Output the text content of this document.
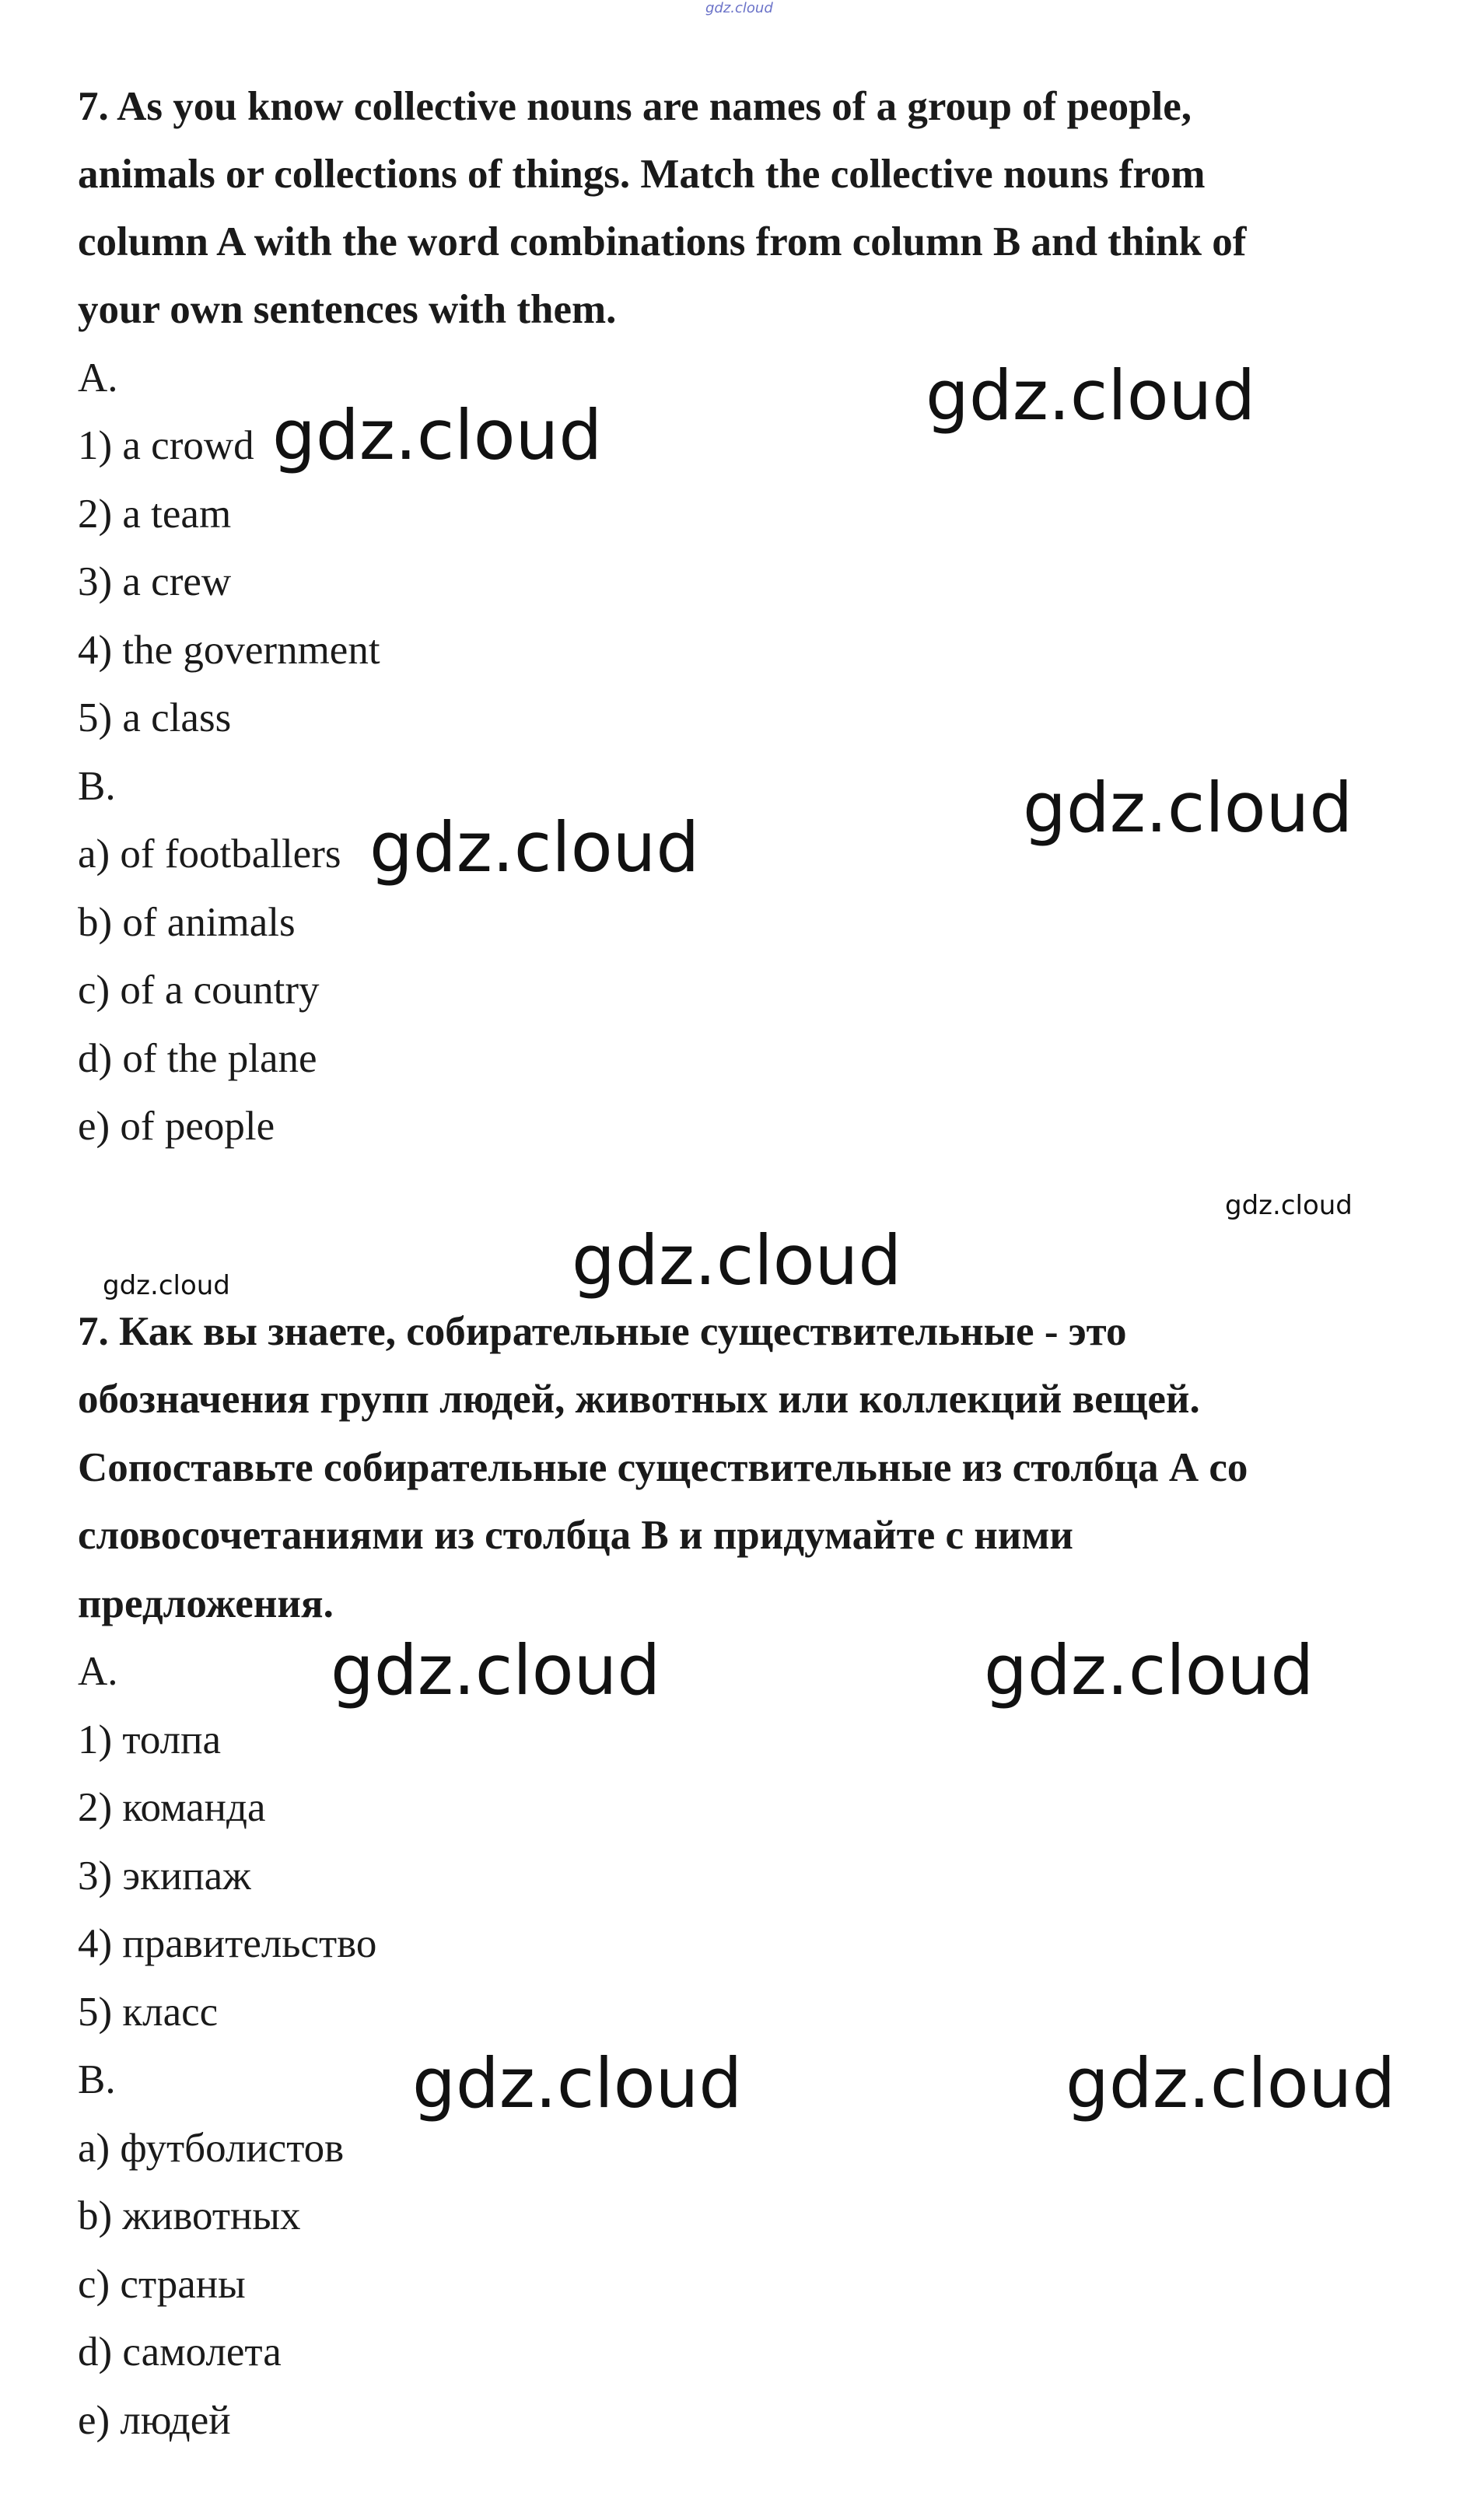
gdz.cloud
7. As you know collective nouns are names of a group of people,
animals or collections of things. Match the collective nouns from
column A with the word combinations from column B and think of
your own sentences with them.
A.
1) a crowd
2) a team
3) a crew
4) the government
5) a class
B.
a) of footballers
b) of animals
c) of a country
d) of the plane
e) of people
gdz.cloud
gdz.cloud
gdz.cloud
gdz.cloud
gdz.cloud
gdz.cloud
gdz.cloud
7. Как вы знаете, собирательные существительные - это
обозначения групп людей, животных или коллекций вещей.
Сопоставьте собирательные существительные из столбца А со
словосочетаниями из столбца В и придумайте с ними
предложения.
А.
1) толпа
2) команда
3) экипаж
4) правительство
5) класс
В.
a) футболистов
b) животных
c) страны
d) самолета
e) людей
gdz.cloud	gdz.cloud
gdz.cloud	gdz.cloud
